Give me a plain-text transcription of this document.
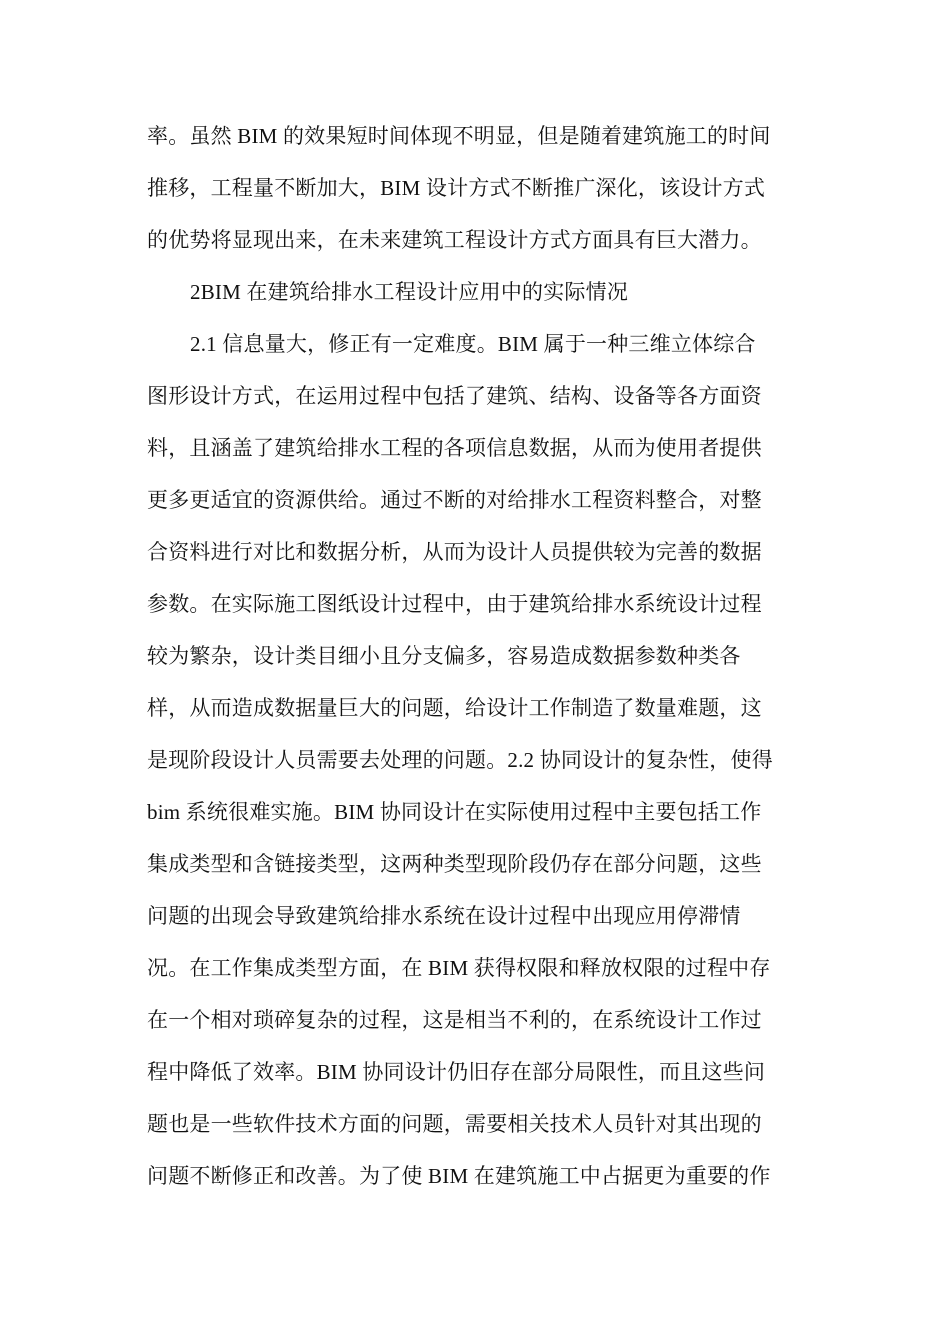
率。虽然 BIM 的效果短时间体现不明显，但是随着建筑施工的时间
推移，工程量不断加大，BIM 设计方式不断推广深化，该设计方式
的优势将显现出来，在未来建筑工程设计方式方面具有巨大潜力。
2BIM 在建筑给排水工程设计应用中的实际情况
2.1 信息量大，修正有一定难度。BIM 属于一种三维立体综合
图形设计方式，在运用过程中包括了建筑、结构、设备等各方面资
料，且涵盖了建筑给排水工程的各项信息数据，从而为使用者提供
更多更适宜的资源供给。通过不断的对给排水工程资料整合，对整
合资料进行对比和数据分析，从而为设计人员提供较为完善的数据
参数。在实际施工图纸设计过程中，由于建筑给排水系统设计过程
较为繁杂，设计类目细小且分支偏多，容易造成数据参数种类各
样，从而造成数据量巨大的问题，给设计工作制造了数量难题，这
是现阶段设计人员需要去处理的问题。2.2 协同设计的复杂性，使得
bim 系统很难实施。BIM 协同设计在实际使用过程中主要包括工作
集成类型和含链接类型，这两种类型现阶段仍存在部分问题，这些
问题的出现会导致建筑给排水系统在设计过程中出现应用停滞情
况。在工作集成类型方面，在 BIM 获得权限和释放权限的过程中存
在一个相对琐碎复杂的过程，这是相当不利的，在系统设计工作过
程中降低了效率。BIM 协同设计仍旧存在部分局限性，而且这些问
题也是一些软件技术方面的问题，需要相关技术人员针对其出现的
问题不断修正和改善。为了使 BIM 在建筑施工中占据更为重要的作
